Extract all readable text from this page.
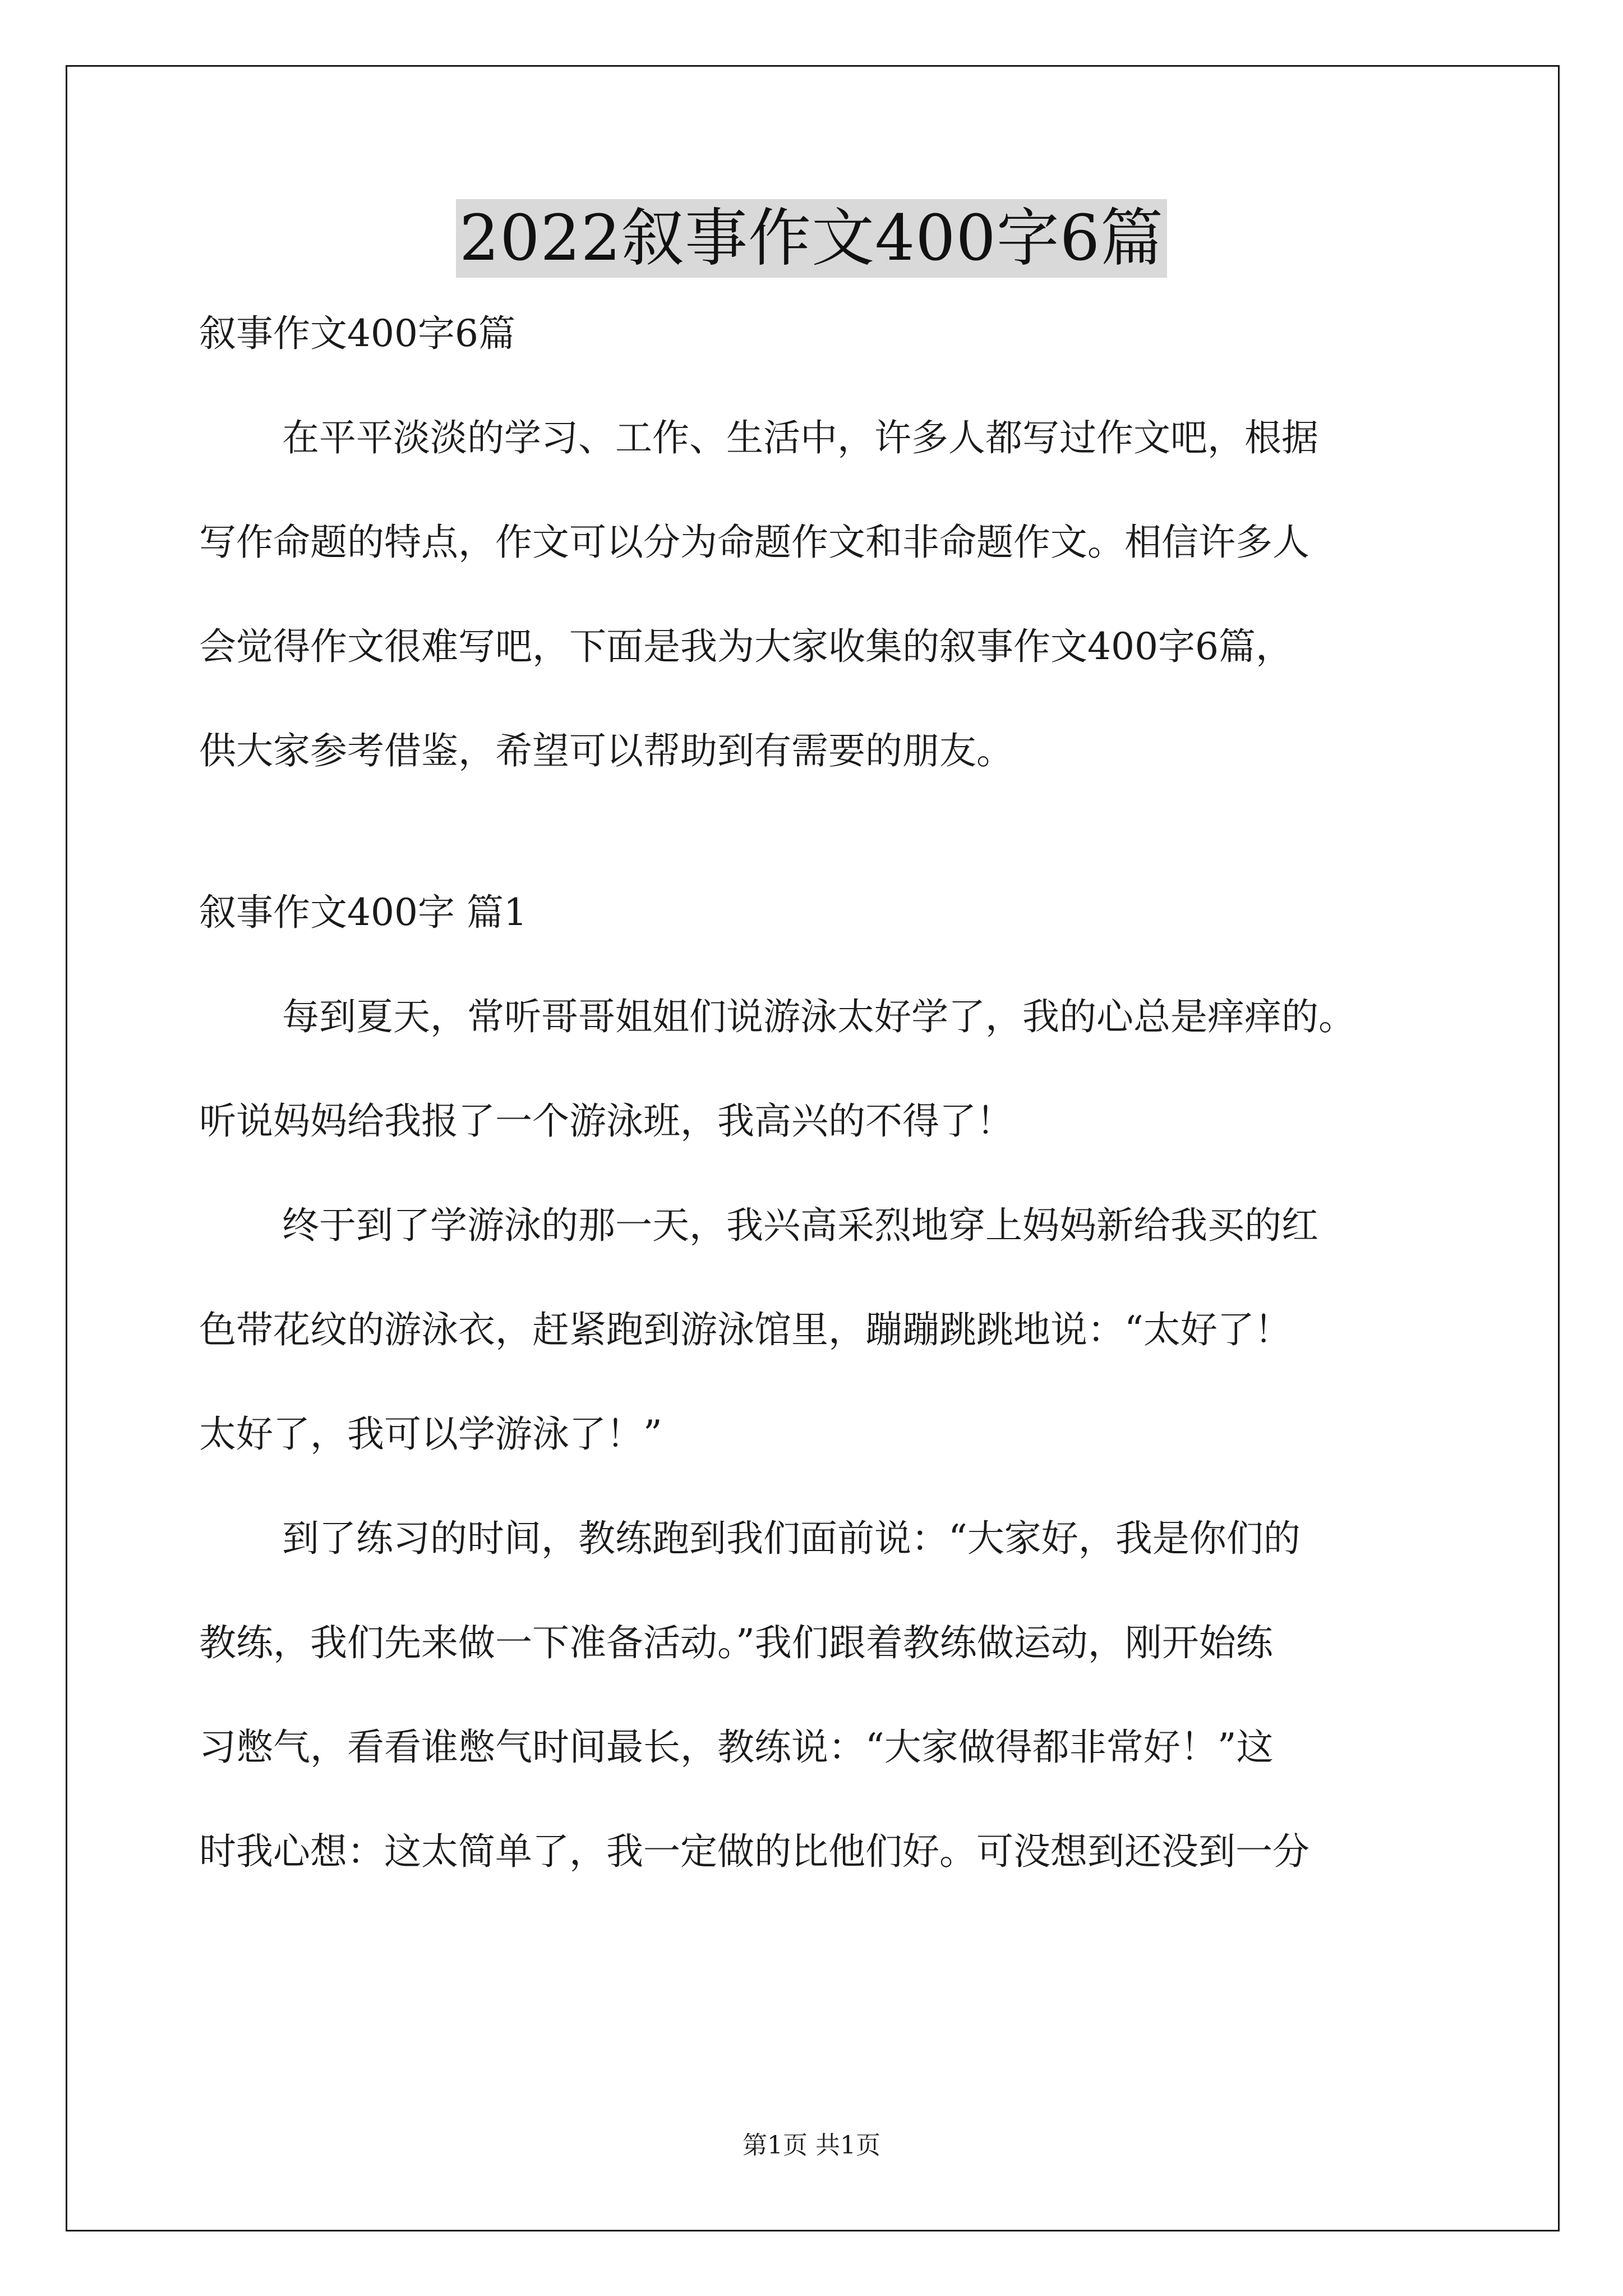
2022叙事作文400字6篇
叙事作文400字6篇
在平平淡淡的学习、工作、生活中，许多人都写过作文吧，根据
写作命题的特点，作文可以分为命题作文和非命题作文。相信许多人
会觉得作文很难写吧，下面是我为大家收集的叙事作文400字6篇，
供大家参考借鉴，希望可以帮助到有需要的朋友。
叙事作文400字 篇1
每到夏天，常听哥哥姐姐们说游泳太好学了，我的心总是痒痒的。
听说妈妈给我报了一个游泳班，我高兴的不得了！
终于到了学游泳的那一天，我兴高采烈地穿上妈妈新给我买的红
色带花纹的游泳衣，赶紧跑到游泳馆里，蹦蹦跳跳地说：“太好了！
太好了，我可以学游泳了！”
到了练习的时间，教练跑到我们面前说：“大家好，我是你们的
教练，我们先来做一下准备活动。”我们跟着教练做运动，刚开始练
习憋气，看看谁憋气时间最长，教练说：“大家做得都非常好！”这
时我心想：这太简单了，我一定做的比他们好。可没想到还没到一分
第1页 共1页
